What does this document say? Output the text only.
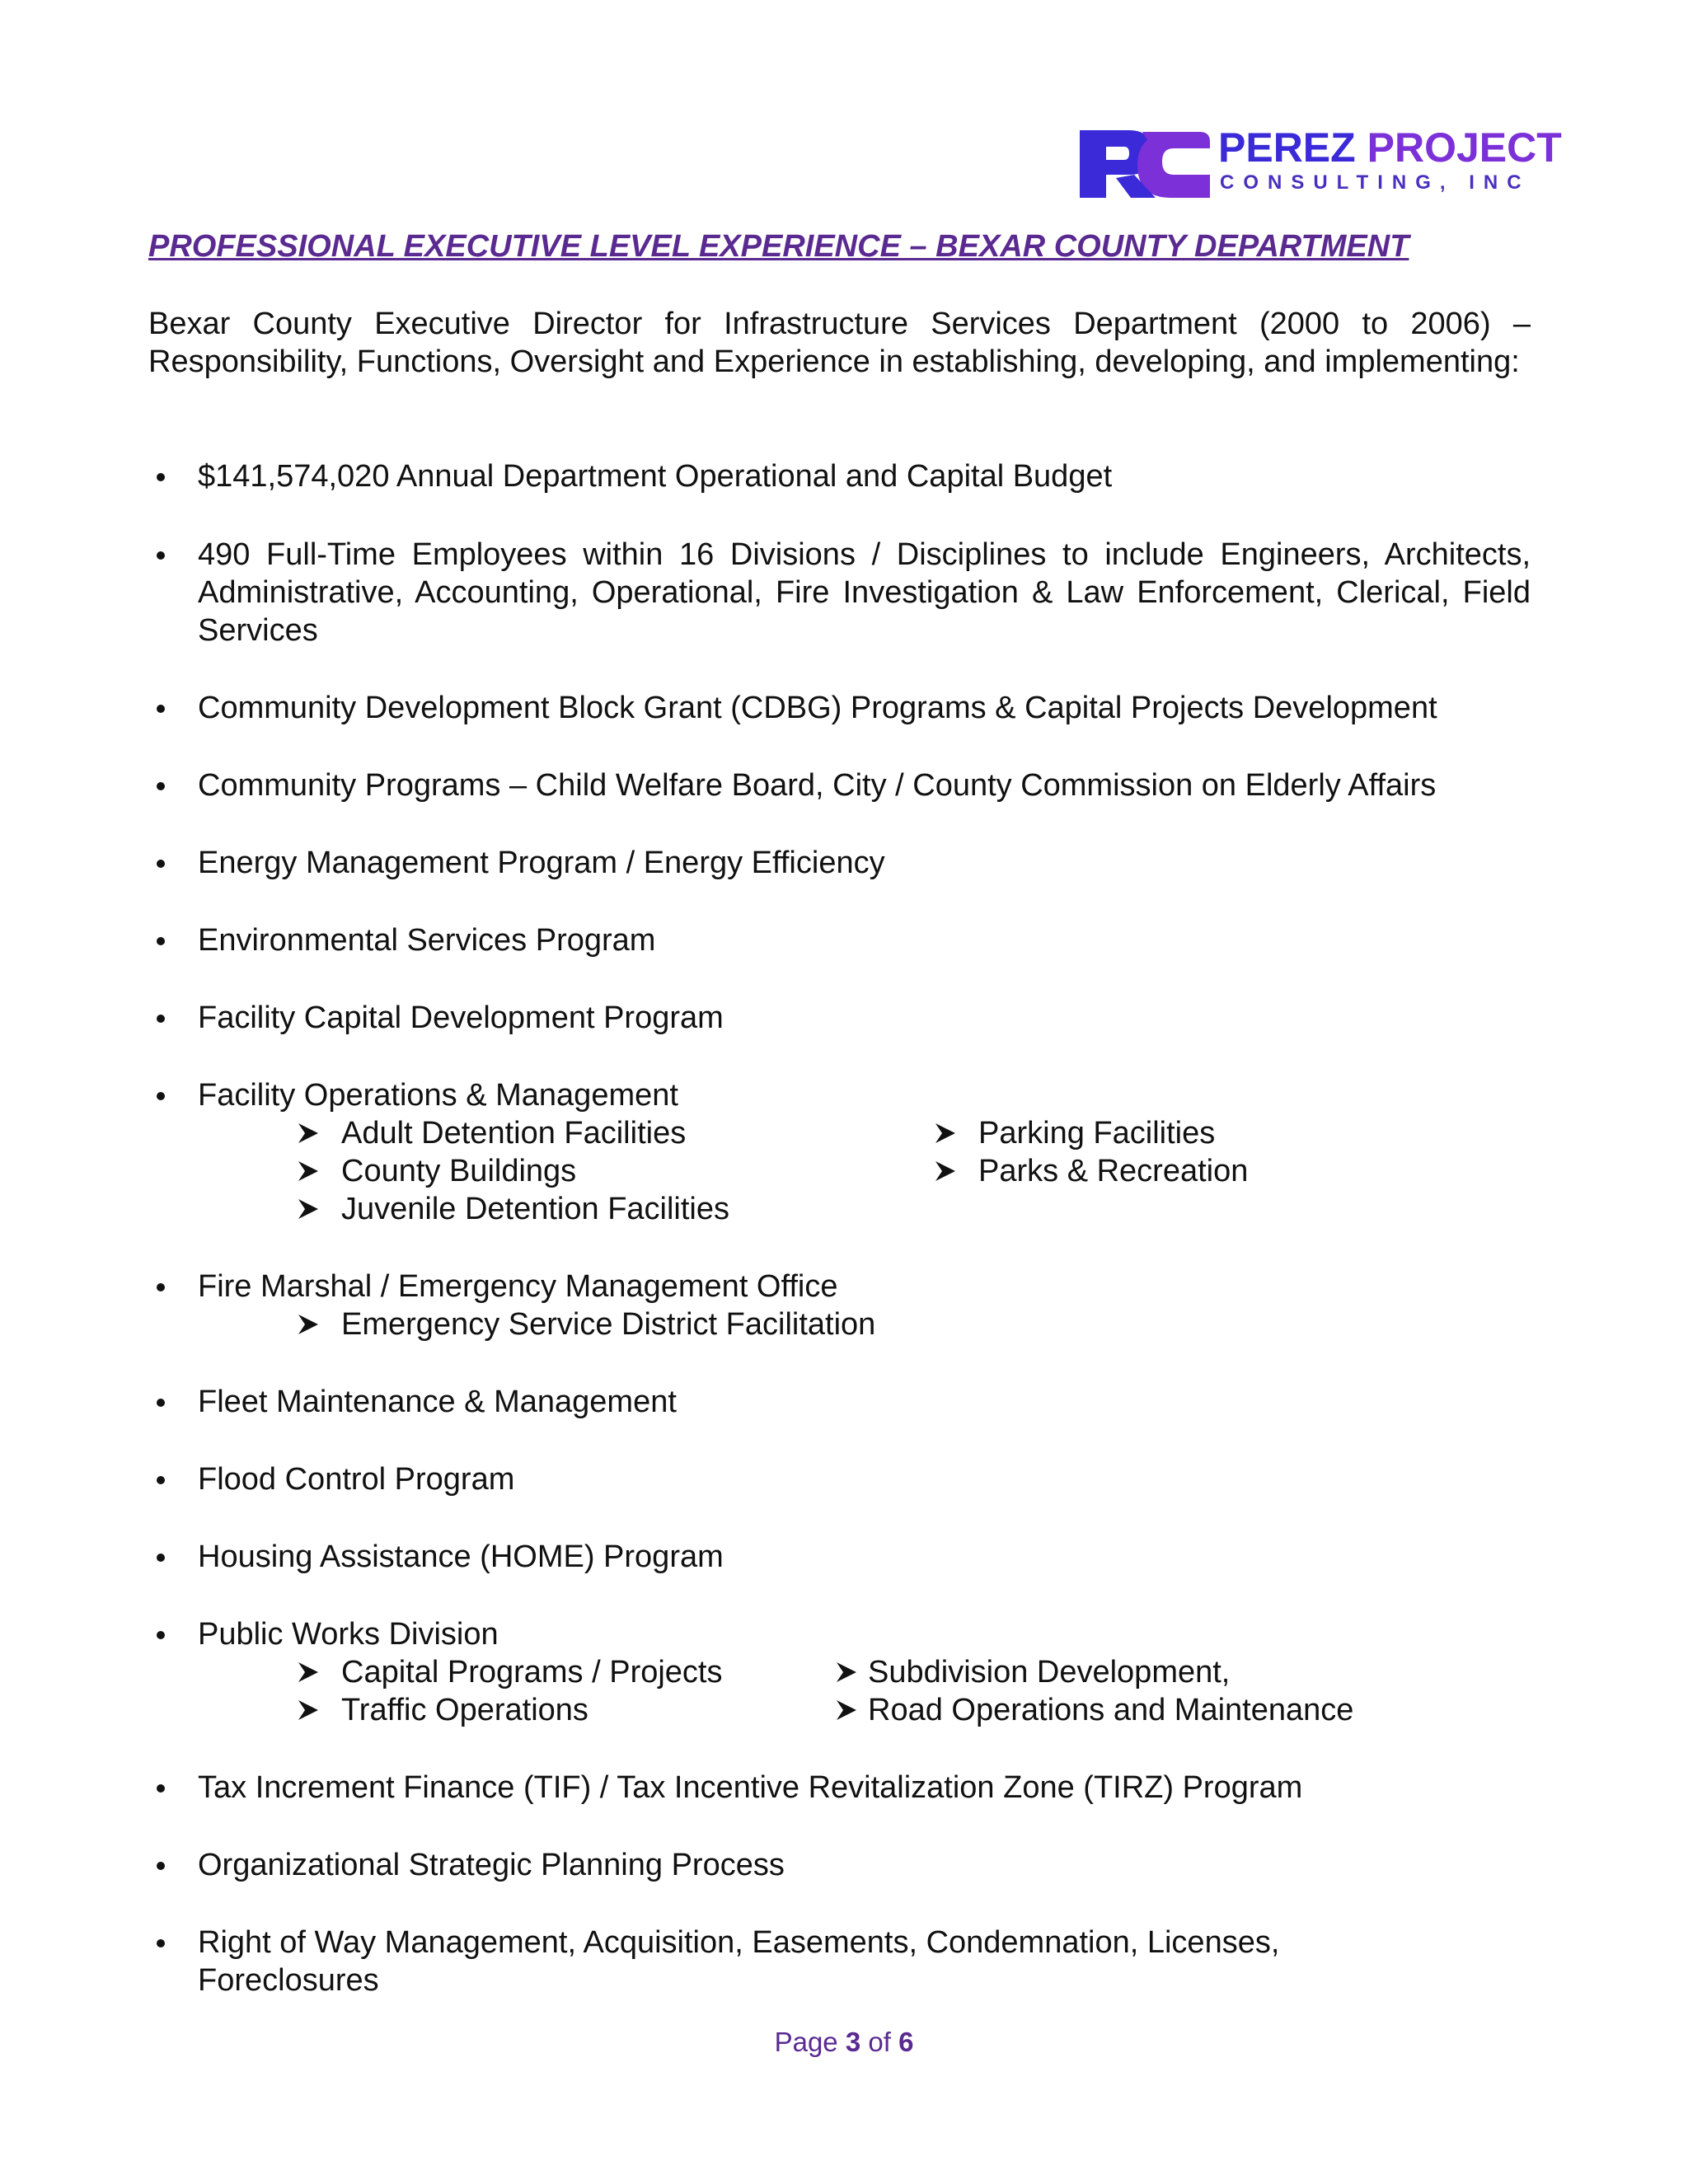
PEREZ PROJECT
CONSULTING, INC
PROFESSIONAL EXECUTIVE LEVEL EXPERIENCE – BEXAR COUNTY DEPARTMENT
Bexar County Executive Director for Infrastructure Services Department (2000 to 2006) – Responsibility, Functions, Oversight and Experience in establishing, developing, and implementing:
$141,574,020 Annual Department Operational and Capital Budget
490 Full-Time Employees within 16 Divisions / Disciplines to include Engineers, Architects, Administrative, Accounting, Operational, Fire Investigation & Law Enforcement, Clerical, Field Services
Community Development Block Grant (CDBG) Programs & Capital Projects Development
Community Programs – Child Welfare Board, City / County Commission on Elderly Affairs
Energy Management Program / Energy Efficiency
Environmental Services Program
Facility Capital Development Program
Facility Operations & Management
Adult Detention Facilities
County Buildings
Juvenile Detention Facilities
Parking Facilities
Parks & Recreation
Fire Marshal / Emergency Management Office
Emergency Service District Facilitation
Fleet Maintenance & Management
Flood Control Program
Housing Assistance (HOME) Program
Public Works Division
Capital Programs / Projects
Traffic Operations
Subdivision Development,
Road Operations and Maintenance
Tax Increment Finance (TIF) / Tax Incentive Revitalization Zone (TIRZ) Program
Organizational Strategic Planning Process
Right of Way Management, Acquisition, Easements, Condemnation, Licenses, Foreclosures
Page 3 of 6
